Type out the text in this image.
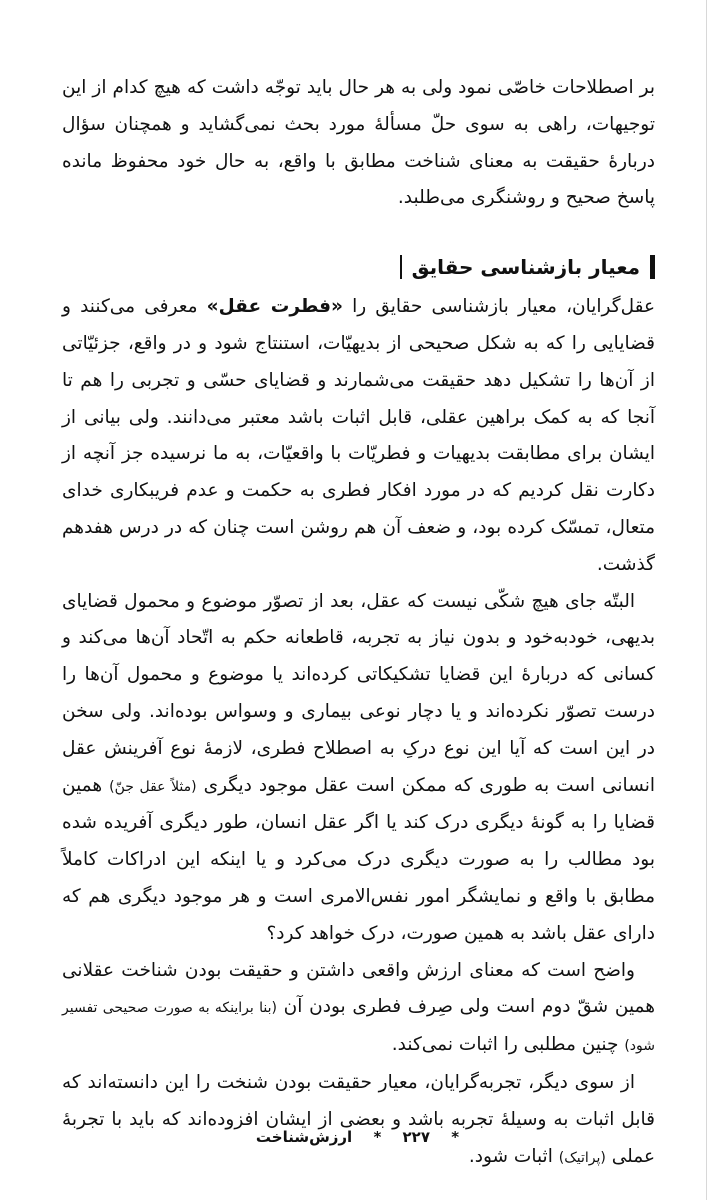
بر اصطلاحات خاصّی نمود ولی به هر حال باید توجّه داشت که هیچ کدام از این توجیهات، راهی به سوی حلّ مسألهٔ مورد بحث نمی‌گشاید و همچنان سؤال دربارهٔ حقیقت به معنای شناخت مطابق با واقع، به حال خود محفوظ مانده پاسخ صحیح و روشنگری می‌طلبد.

معیار بازشناسی حقایق

عقل‌گرایان، معیار بازشناسی حقایق را «فطرت عقل» معرفی می‌کنند و قضایایی را که به شکل صحیحی از بدیهیّات، استنتاج شود و در واقع، جزئیّاتی از آن‌ها را تشکیل دهد حقیقت می‌شمارند و قضایای حسّی و تجربی را هم تا آنجا که به کمک براهین عقلی، قابل اثبات باشد معتبر می‌دانند. ولی بیانی از ایشان برای مطابقت بدیهیات و فطریّات با واقعیّات، به ما نرسیده جز آنچه از دکارت نقل کردیم که در مورد افکار فطری به حکمت و عدم فریبکاری خدای متعال، تمسّک کرده بود، و ضعف آن هم روشن است چنان که در درس هفدهم گذشت.

البتّه جای هیچ شکّی نیست که عقل، بعد از تصوّر موضوع و محمول قضایای بدیهی، خودبه‌خود و بدون نیاز به تجربه، قاطعانه حکم به اتّحاد آن‌ها می‌کند و کسانی که دربارهٔ این قضایا تشکیکاتی کرده‌اند یا موضوع و محمول آن‌ها را درست تصوّر نکرده‌اند و یا دچار نوعی بیماری و وسواس بوده‌اند. ولی سخن در این است که آیا این نوع درکِ به اصطلاح فطری، لازمهٔ نوع آفرینش عقل انسانی است به طوری که ممکن است عقل موجود دیگری (مثلاً عقل جنّ) همین قضایا را به گونهٔ دیگری درک کند یا اگر عقل انسان، طور دیگری آفریده شده بود مطالب را به صورت دیگری درک می‌کرد و یا اینکه این ادراکات کاملاً مطابق با واقع و نمایشگر امور نفس‌الامری است و هر موجود دیگری هم که دارای عقل باشد به همین صورت، درک خواهد کرد؟

واضح است که معنای ارزش واقعی داشتن و حقیقت بودن شناخت عقلانی همین شقّ دوم است ولی صِرف فطری بودن آن (بنا براینکه به صورت صحیحی تفسیر شود) چنین مطلبی را اثبات نمی‌کند.

از سوی دیگر، تجربه‌گرایان، معیار حقیقت بودن شنخت را این دانسته‌اند که قابل اثبات به وسیلهٔ تجربه باشد و بعضی از ایشان افزوده‌اند که باید با تجربهٔ عملی (پراتیک) اثبات شود.

* ۲۲۷ * ارزش‌شناخت
